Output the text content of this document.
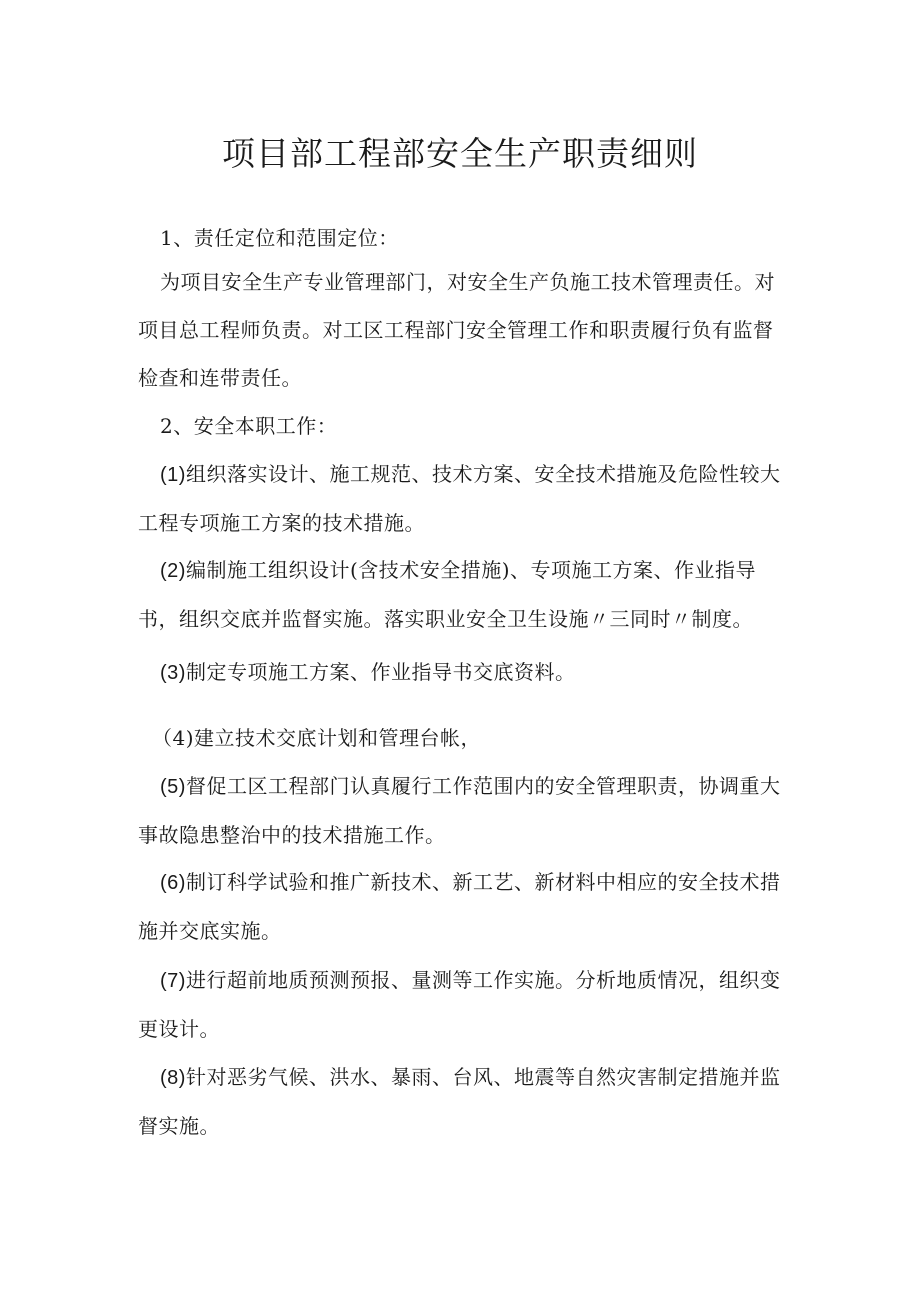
项目部工程部安全生产职责细则

1、责任定位和范围定位：

为项目安全生产专业管理部门，对安全生产负施工技术管理责任。对项目总工程师负责。对工区工程部门安全管理工作和职责履行负有监督检查和连带责任。

2、安全本职工作：

(1)组织落实设计、施工规范、技术方案、安全技术措施及危险性较大工程专项施工方案的技术措施。

(2)编制施工组织设计(含技术安全措施)、专项施工方案、作业指导书，组织交底并监督实施。落实职业安全卫生设施〃三同时〃制度。

(3)制定专项施工方案、作业指导书交底资料。

（4)建立技术交底计划和管理台帐，

(5)督促工区工程部门认真履行工作范围内的安全管理职责，协调重大事故隐患整治中的技术措施工作。

(6)制订科学试验和推广新技术、新工艺、新材料中相应的安全技术措施并交底实施。

(7)进行超前地质预测预报、量测等工作实施。分析地质情况，组织变更设计。

(8)针对恶劣气候、洪水、暴雨、台风、地震等自然灾害制定措施并监督实施。
